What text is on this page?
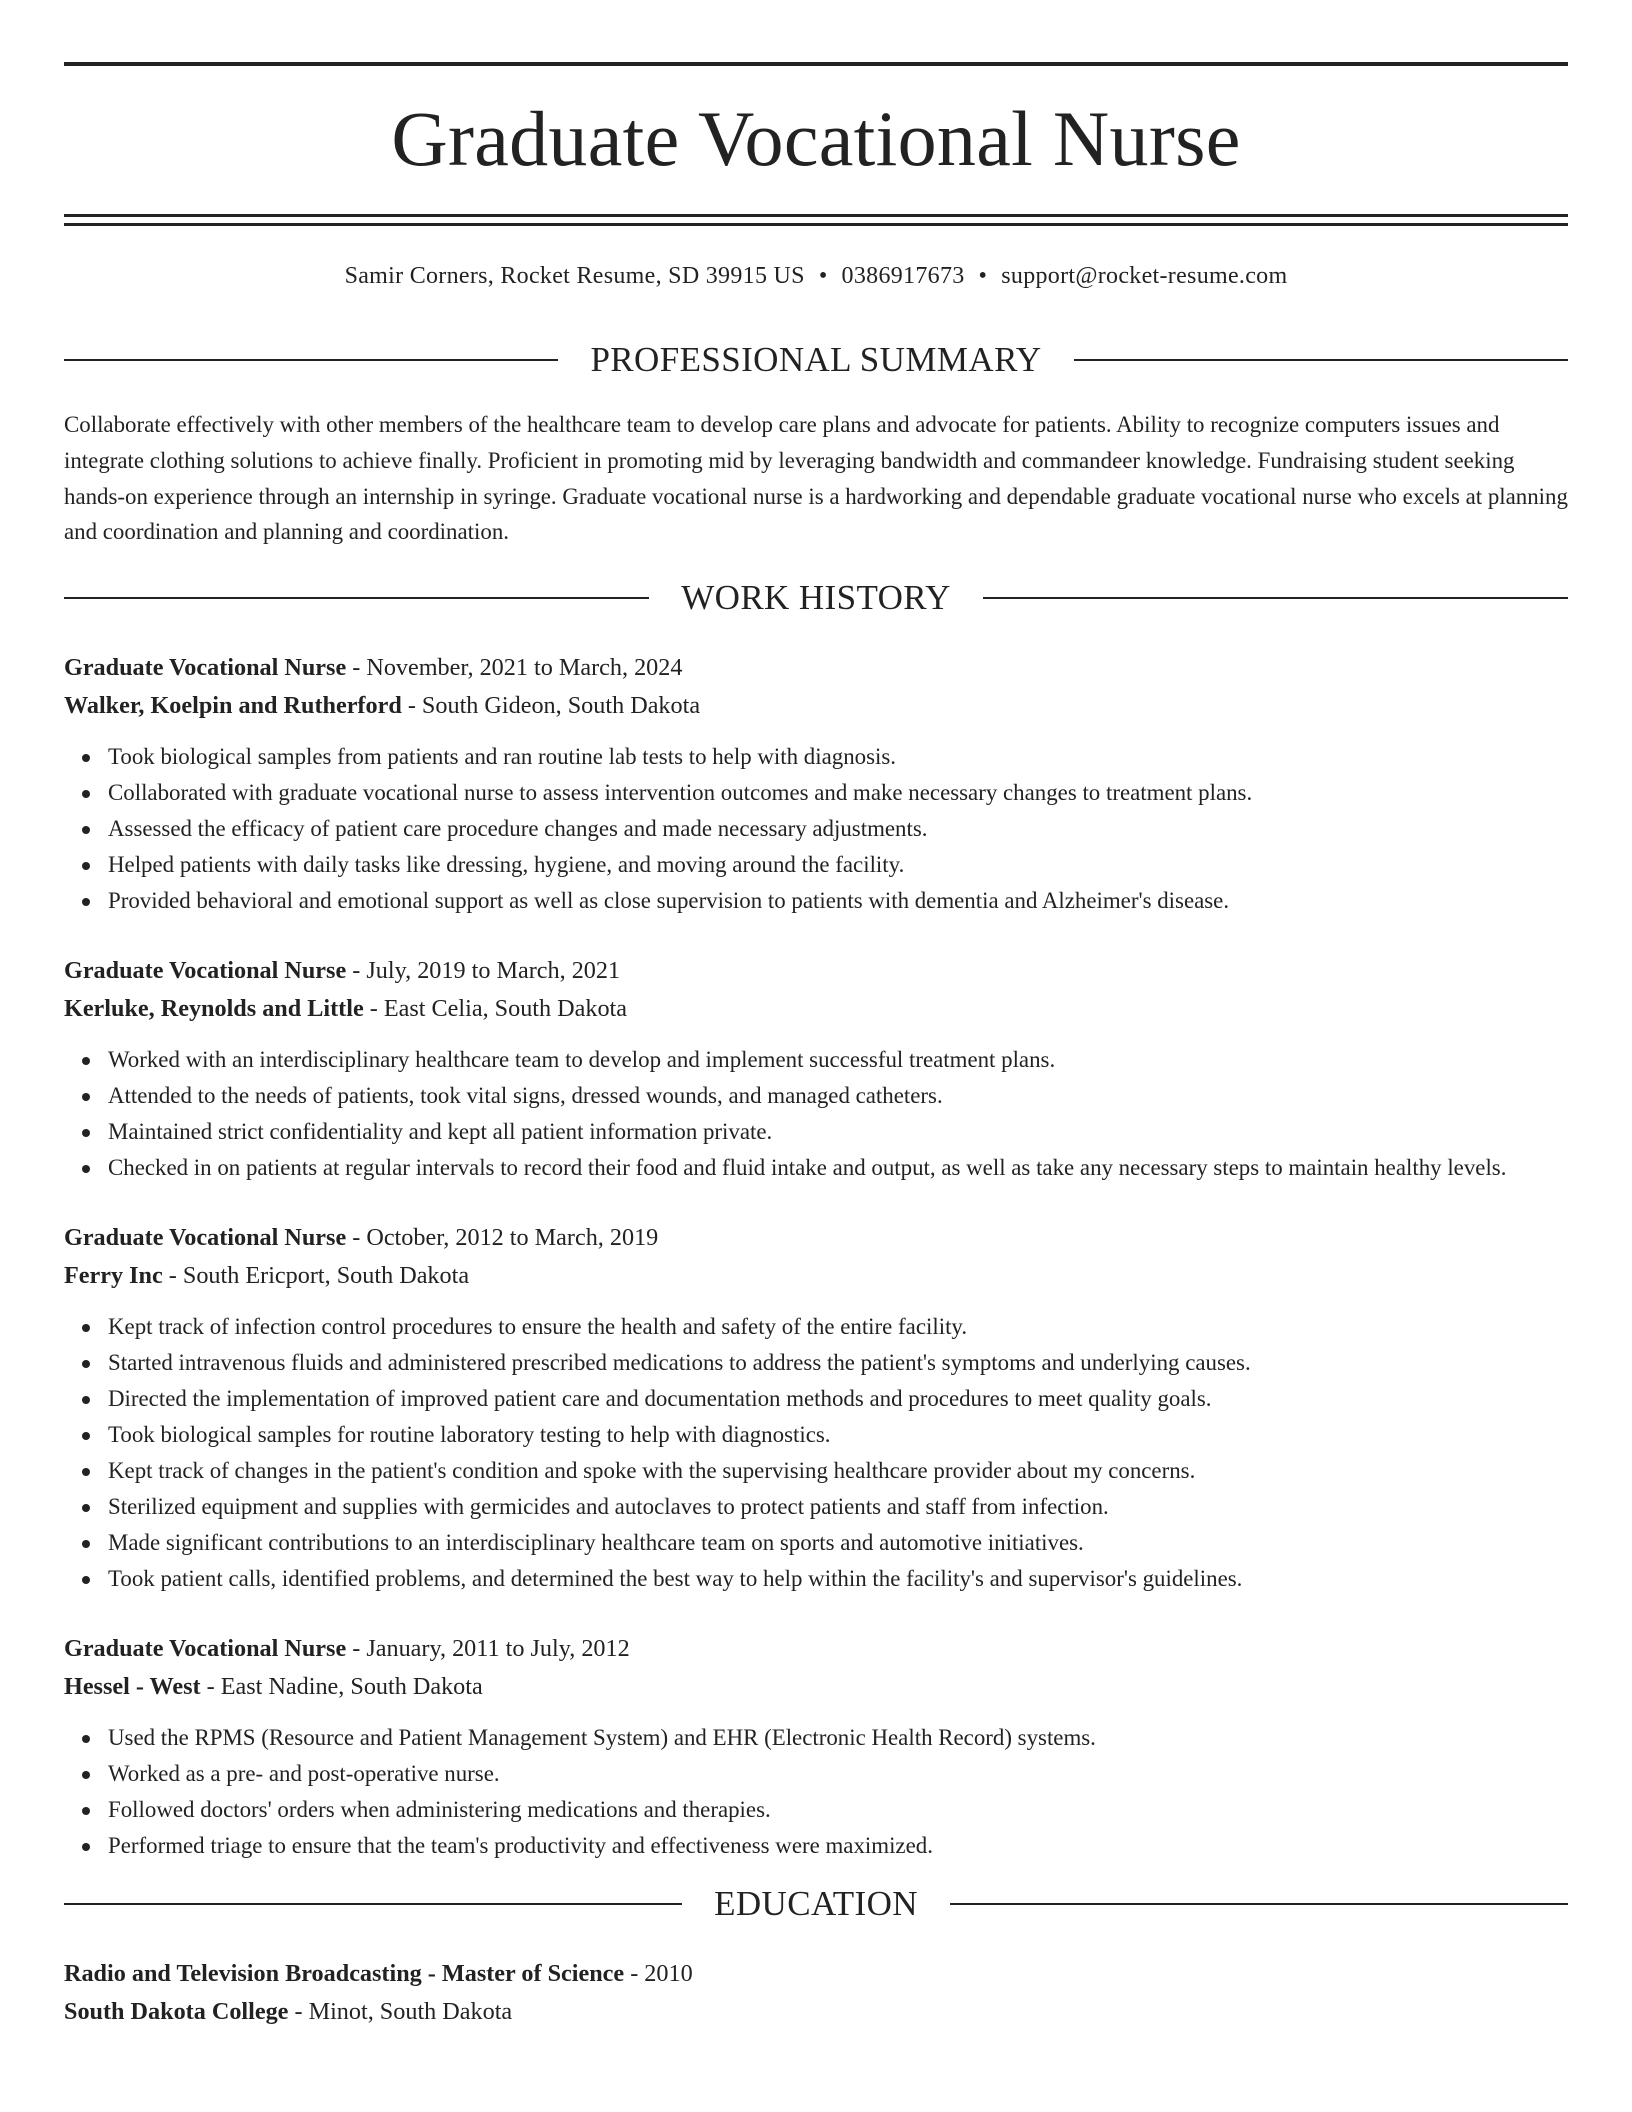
Graduate Vocational Nurse
Samir Corners, Rocket Resume, SD 39915 US • 0386917673 • support@rocket-resume.com
PROFESSIONAL SUMMARY

Collaborate effectively with other members of the healthcare team to develop care plans and advocate for patients. Ability to recognize computers issues and integrate clothing solutions to achieve finally. Proficient in promoting mid by leveraging bandwidth and commandeer knowledge. Fundraising student seeking hands-on experience through an internship in syringe. Graduate vocational nurse is a hardworking and dependable graduate vocational nurse who excels at planning and coordination and planning and coordination.

WORK HISTORY
Graduate Vocational Nurse - November, 2021 to March, 2024
Walker, Koelpin and Rutherford - South Gideon, South Dakota
Took biological samples from patients and ran routine lab tests to help with diagnosis.
Collaborated with graduate vocational nurse to assess intervention outcomes and make necessary changes to treatment plans.
Assessed the efficacy of patient care procedure changes and made necessary adjustments.
Helped patients with daily tasks like dressing, hygiene, and moving around the facility.
Provided behavioral and emotional support as well as close supervision to patients with dementia and Alzheimer's disease.
Graduate Vocational Nurse - July, 2019 to March, 2021
Kerluke, Reynolds and Little - East Celia, South Dakota
Worked with an interdisciplinary healthcare team to develop and implement successful treatment plans.
Attended to the needs of patients, took vital signs, dressed wounds, and managed catheters.
Maintained strict confidentiality and kept all patient information private.
Checked in on patients at regular intervals to record their food and fluid intake and output, as well as take any necessary steps to maintain healthy levels.
Graduate Vocational Nurse - October, 2012 to March, 2019
Ferry Inc - South Ericport, South Dakota
Kept track of infection control procedures to ensure the health and safety of the entire facility.
Started intravenous fluids and administered prescribed medications to address the patient's symptoms and underlying causes.
Directed the implementation of improved patient care and documentation methods and procedures to meet quality goals.
Took biological samples for routine laboratory testing to help with diagnostics.
Kept track of changes in the patient's condition and spoke with the supervising healthcare provider about my concerns.
Sterilized equipment and supplies with germicides and autoclaves to protect patients and staff from infection.
Made significant contributions to an interdisciplinary healthcare team on sports and automotive initiatives.
Took patient calls, identified problems, and determined the best way to help within the facility's and supervisor's guidelines.
Graduate Vocational Nurse - January, 2011 to July, 2012
Hessel - West - East Nadine, South Dakota
Used the RPMS (Resource and Patient Management System) and EHR (Electronic Health Record) systems.
Worked as a pre- and post-operative nurse.
Followed doctors' orders when administering medications and therapies.
Performed triage to ensure that the team's productivity and effectiveness were maximized.
EDUCATION
Radio and Television Broadcasting - Master of Science - 2010
South Dakota College - Minot, South Dakota
